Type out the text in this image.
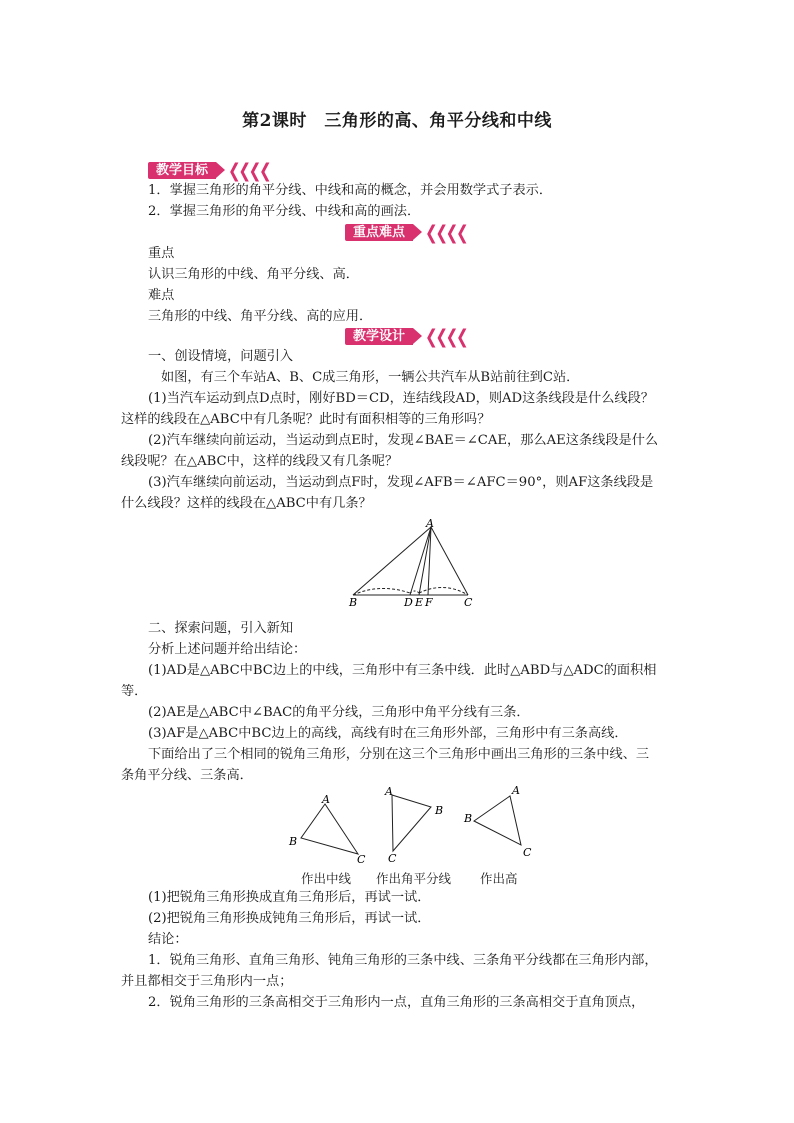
第2课时　三角形的高、角平分线和中线
教学目标	❮❮❮❮
1．掌握三角形的角平分线、中线和高的概念，并会用数学式子表示．
2．掌握三角形的角平分线、中线和高的画法．
重点难点	❮❮❮❮
重点
认识三角形的中线、角平分线、高．
难点
三角形的中线、角平分线、高的应用．
教学设计	❮❮❮❮
一、创设情境，问题引入
如图，有三个车站A、B、C成三角形，一辆公共汽车从B站前往到C站．
(1)当汽车运动到点D点时，刚好BD＝CD，连结线段AD，则AD这条线段是什么线段？
这样的线段在△ABC中有几条呢？此时有面积相等的三角形吗？
(2)汽车继续向前运动，当运动到点E时，发现∠BAE＝∠CAE，那么AE这条线段是什么
线段呢？在△ABC中，这样的线段又有几条呢？
(3)汽车继续向前运动，当运动到点F时，发现∠AFB＝∠AFC＝90°，则AF这条线段是
什么线段？这样的线段在△ABC中有几条？
A
B	C
D E F
二、探索问题，引入新知
分析上述问题并给出结论：
(1)AD是△ABC中BC边上的中线，三角形中有三条中线．此时△ABD与△ADC的面积相
等．
(2)AE是△ABC中∠BAC的角平分线，三角形中角平分线有三条．
(3)AF是△ABC中BC边上的高线，高线有时在三角形外部，三角形中有三条高线．
下面给出了三个相同的锐角三角形，分别在这三个三角形中画出三角形的三条中线、三
条角平分线、三条高．
A
B
C
A
B
C
A
B
C
作出中线 作出角平分线 作出高
(1)把锐角三角形换成直角三角形后，再试一试．
(2)把锐角三角形换成钝角三角形后，再试一试．
结论：
1．锐角三角形、直角三角形、钝角三角形的三条中线、三条角平分线都在三角形内部，
并且都相交于三角形内一点；
2．锐角三角形的三条高相交于三角形内一点，直角三角形的三条高相交于直角顶点，
